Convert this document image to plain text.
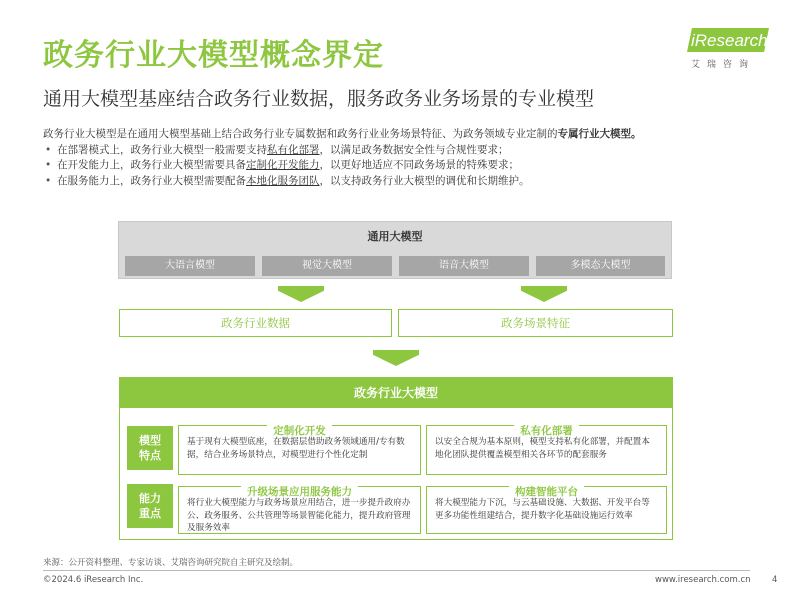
政务行业大模型概念界定
通用大模型基座结合政务行业数据，服务政务业务场景的专业模型
iResearch
艾瑞咨询
政务行业大模型是在通用大模型基础上结合政务行业专属数据和政务行业业务场景特征、为政务领域专业定制的专属行业大模型。
• 在部署模式上，政务行业大模型一般需要支持私有化部署，以满足政务数据安全性与合规性要求；
• 在开发能力上，政务行业大模型需要具备定制化开发能力，以更好地适应不同政务场景的特殊要求；
• 在服务能力上，政务行业大模型需要配备本地化服务团队，以支持政务行业大模型的调优和长期维护。
通用大模型
大语言模型	视觉大模型	语音大模型	多模态大模型
政务行业数据	政务场景特征
政务行业大模型
模型
特点
能力
重点
定制化开发
基于现有大模型底座，在数据层借助政务领域通用/专有数据，结合业务场景特点，对模型进行个性化定制
私有化部署
以安全合规为基本原则，模型支持私有化部署，并配置本地化团队提供覆盖模型相关各环节的配套服务
升级场景应用服务能力
将行业大模型能力与政务场景应用结合，进一步提升政府办公、政务服务、公共管理等场景智能化能力，提升政府管理及服务效率
构建智能平台
将大模型能力下沉，与云基础设施、大数据、开发平台等更多功能性组建结合，提升数字化基础设施运行效率
来源：公开资料整理、专家访谈、艾瑞咨询研究院自主研究及绘制。
©2024.6 iResearch Inc.	www.iresearch.com.cn	4
